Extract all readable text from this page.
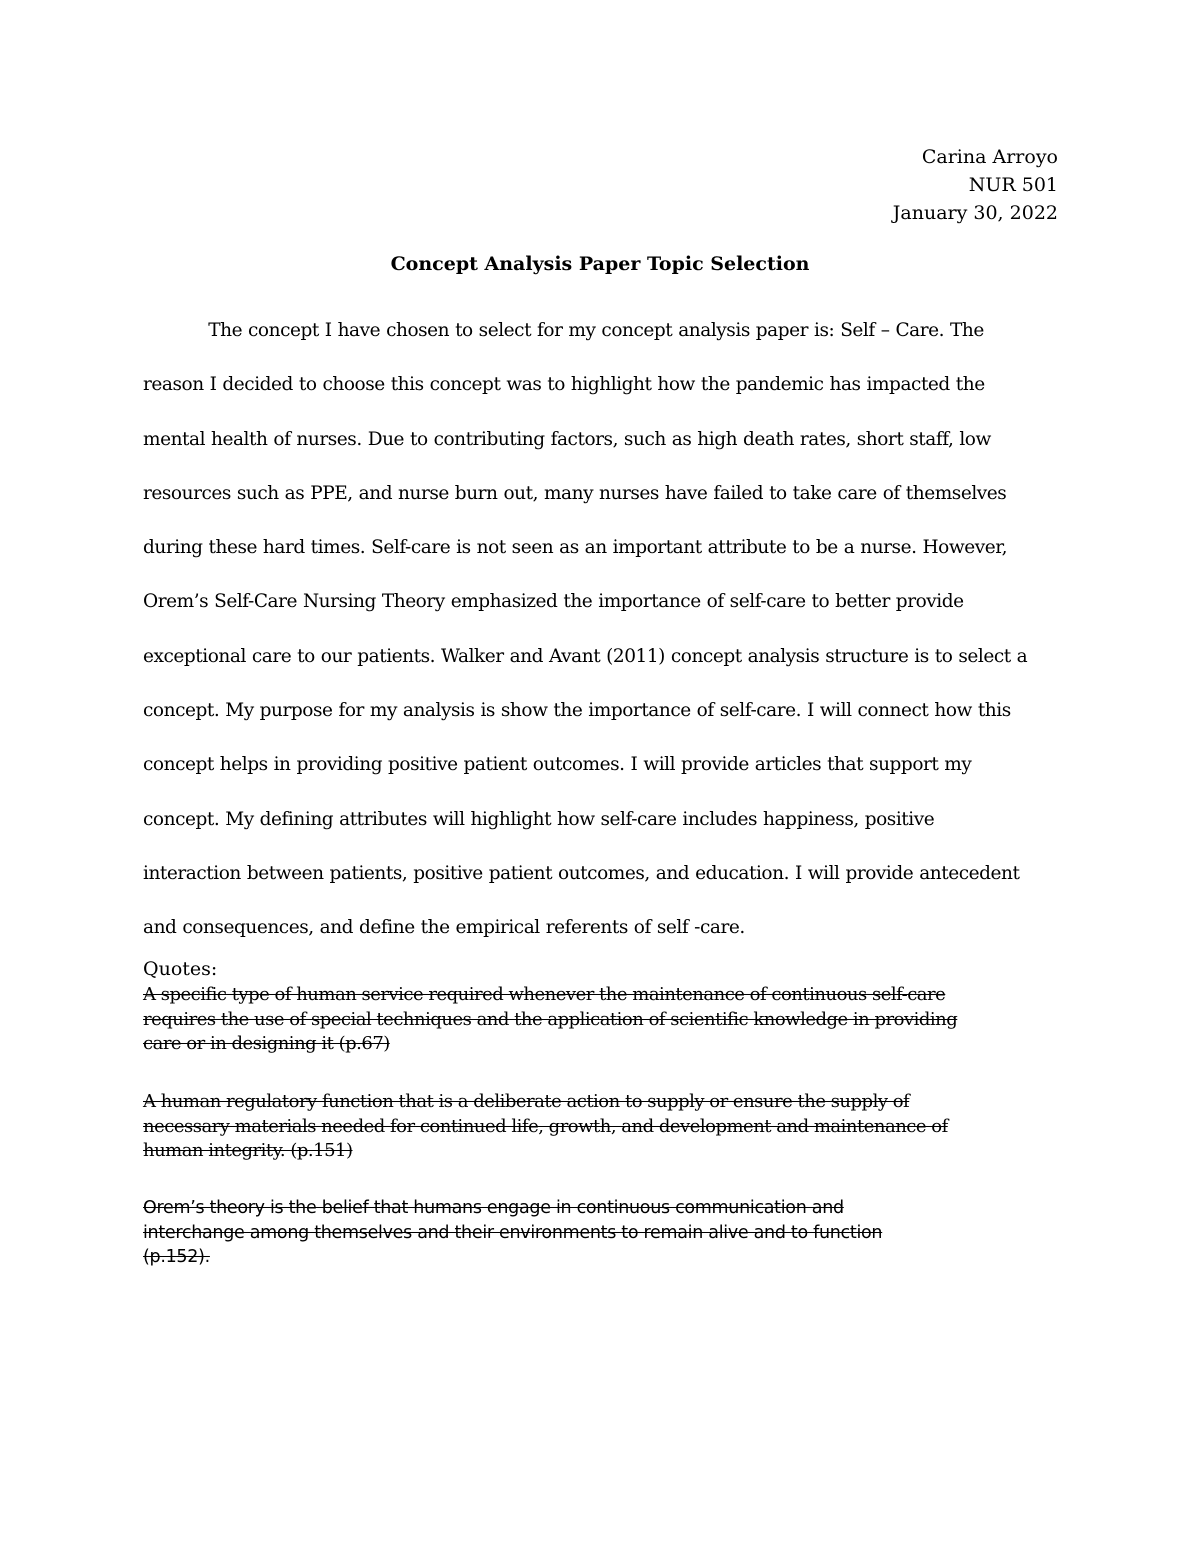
Carina Arroyo
NUR 501
January 30, 2022
Concept Analysis Paper Topic Selection
The concept I have chosen to select for my concept analysis paper is: Self – Care. The
reason I decided to choose this concept was to highlight how the pandemic has impacted the
mental health of nurses. Due to contributing factors, such as high death rates, short staff, low
resources such as PPE, and nurse burn out, many nurses have failed to take care of themselves
during these hard times. Self-care is not seen as an important attribute to be a nurse. However,
Orem’s Self-Care Nursing Theory emphasized the importance of self-care to better provide
exceptional care to our patients. Walker and Avant (2011) concept analysis structure is to select a
concept. My purpose for my analysis is show the importance of self-care. I will connect how this
concept helps in providing positive patient outcomes. I will provide articles that support my
concept. My defining attributes will highlight how self-care includes happiness, positive
interaction between patients, positive patient outcomes, and education. I will provide antecedent
and consequences, and define the empirical referents of self -care.
Quotes:
A specific type of human service required whenever the maintenance of continuous self-care
requires the use of special techniques and the application of scientific knowledge in providing
care or in designing it (p.67)
A human regulatory function that is a deliberate action to supply or ensure the supply of
necessary materials needed for continued life, growth, and development and maintenance of
human integrity. (p.151)
Orem’s theory is the belief that humans engage in continuous communication and
interchange among themselves and their environments to remain alive and to function
(p.152).
